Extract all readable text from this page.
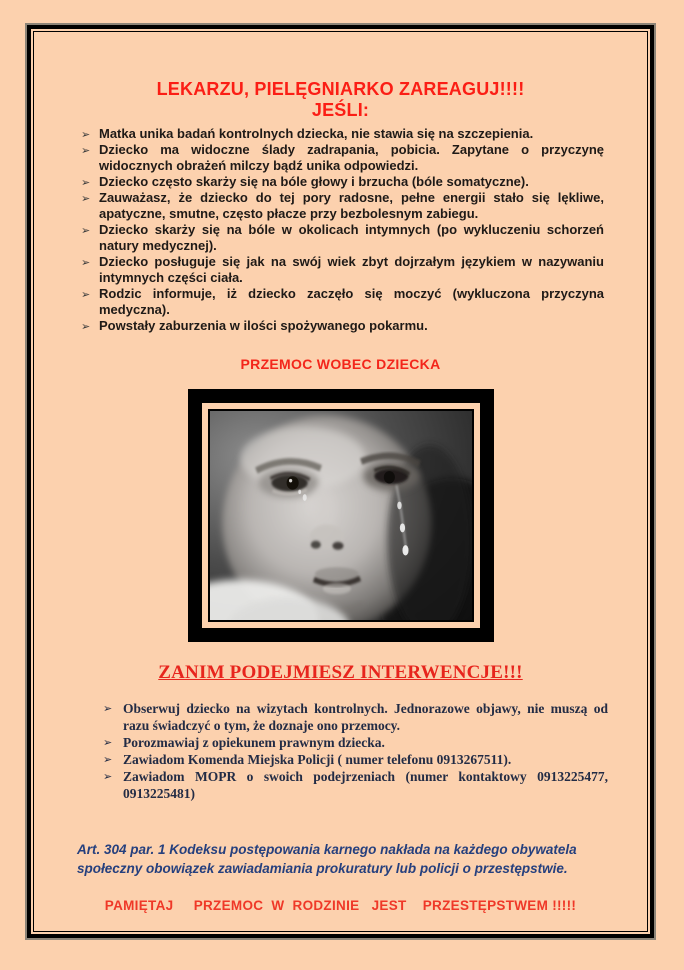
LEKARZU, PIELĘGNIARKO ZAREAGUJ!!!!
JEŚLI:
➢ Matka unika badań kontrolnych dziecka, nie stawia się na szczepienia.
➢ Dziecko ma widoczne ślady zadrapania, pobicia. Zapytane o przyczynę widocznych obrażeń milczy bądź unika odpowiedzi.
➢ Dziecko często skarży się na bóle głowy i brzucha (bóle somatyczne).
➢ Zauważasz, że dziecko do tej pory radosne, pełne energii stało się lękliwe, apatyczne, smutne, często płacze przy bezbolesnym zabiegu.
➢ Dziecko skarży się na bóle w okolicach intymnych (po wykluczeniu schorzeń natury medycznej).
➢ Dziecko posługuje się jak na swój wiek zbyt dojrzałym językiem w nazywaniu intymnych części ciała.
➢ Rodzic informuje, iż dziecko zaczęło się moczyć (wykluczona przyczyna medyczna).
➢ Powstały zaburzenia w ilości spożywanego pokarmu.
PRZEMOC WOBEC DZIECKA
ZANIM PODEJMIESZ INTERWENCJE!!!
➢ Obserwuj dziecko na wizytach kontrolnych. Jednorazowe objawy, nie muszą od razu świadczyć o tym, że doznaje ono przemocy.
➢ Porozmawiaj z opiekunem prawnym dziecka.
➢ Zawiadom Komenda Miejska Policji ( numer telefonu 0913267511).
➢ Zawiadom MOPR o swoich podejrzeniach (numer kontaktowy 0913225477, 0913225481)

Art. 304 par. 1 Kodeksu postępowania karnego nakłada na każdego obywatela społeczny obowiązek zawiadamiania prokuratury lub policji o przestępstwie.

PAMIĘTAJ     PRZEMOC  W  RODZINIE   JEST    PRZESTĘPSTWEM !!!!!
